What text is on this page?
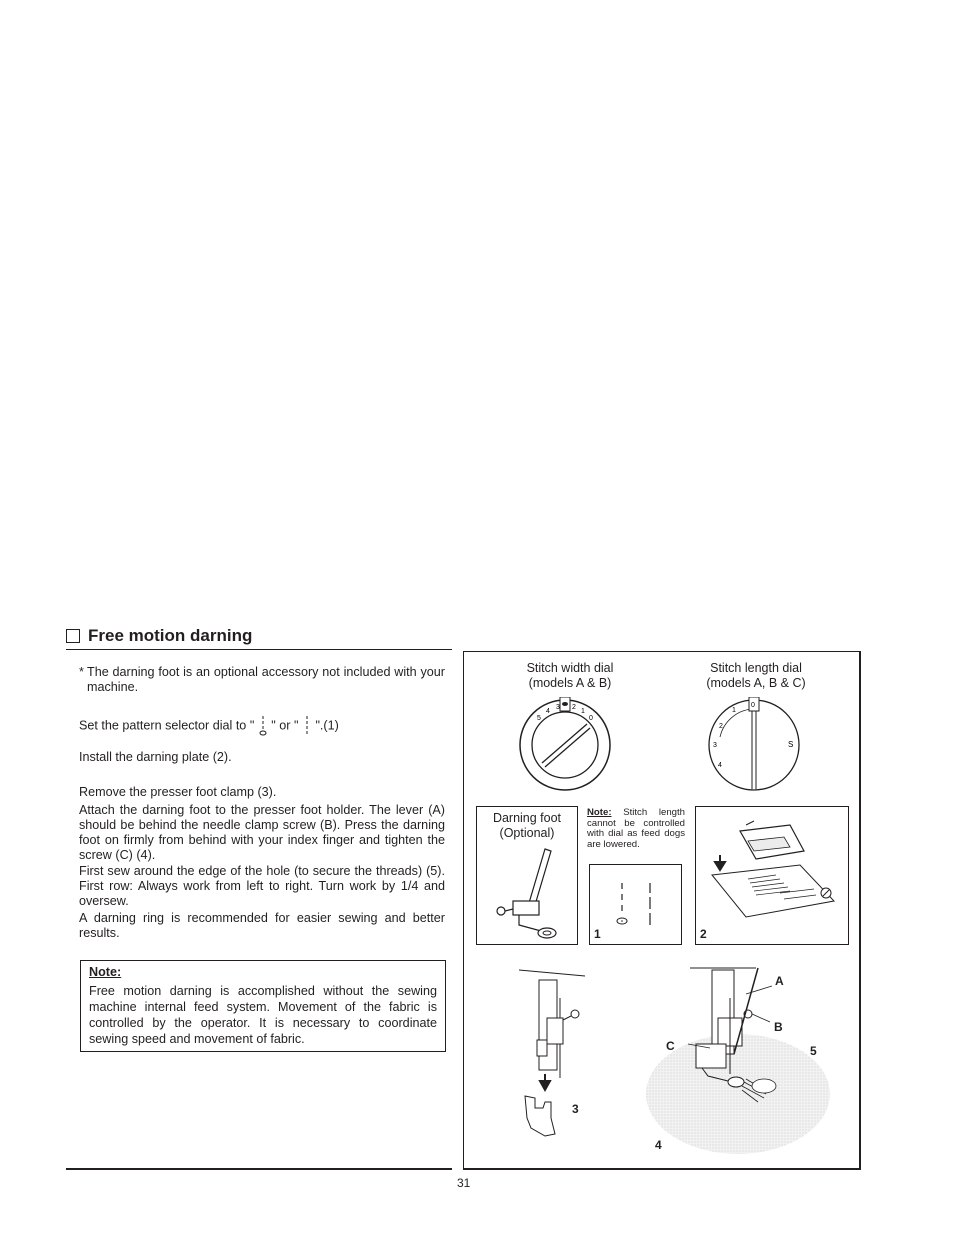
Free motion darning
* The darning foot is an optional accessory not included with your machine.
Set the pattern selector dial to " " or " ".(1)
Install the darning plate (2).
Remove the presser foot clamp (3).
Attach the darning foot to the presser foot holder. The lever (A) should be behind the needle clamp screw (B). Press the darning foot on firmly from behind with your index finger and tighten the screw (C) (4).
First sew around the edge of the hole (to secure the threads) (5). First row: Always work from left to right. Turn work by 1/4 and oversew.
A darning ring is recommended for easier sewing and better results.
Note:
Free motion darning is accomplished without the sewing machine internal feed system. Movement of the fabric is controlled by the operator. It is necessary to coordinate sewing speed and movement of fabric.
Stitch width dial
(models A & B)
5
4
3 2
1
0
Stitch length dial
(models A, B & C)
0
1
2
3
4
S
Darning foot
(Optional)
Note: Stitch length cannot be controlled with dial as feed dogs are lowered.
1	2
3
A
B
C	5
4
31
